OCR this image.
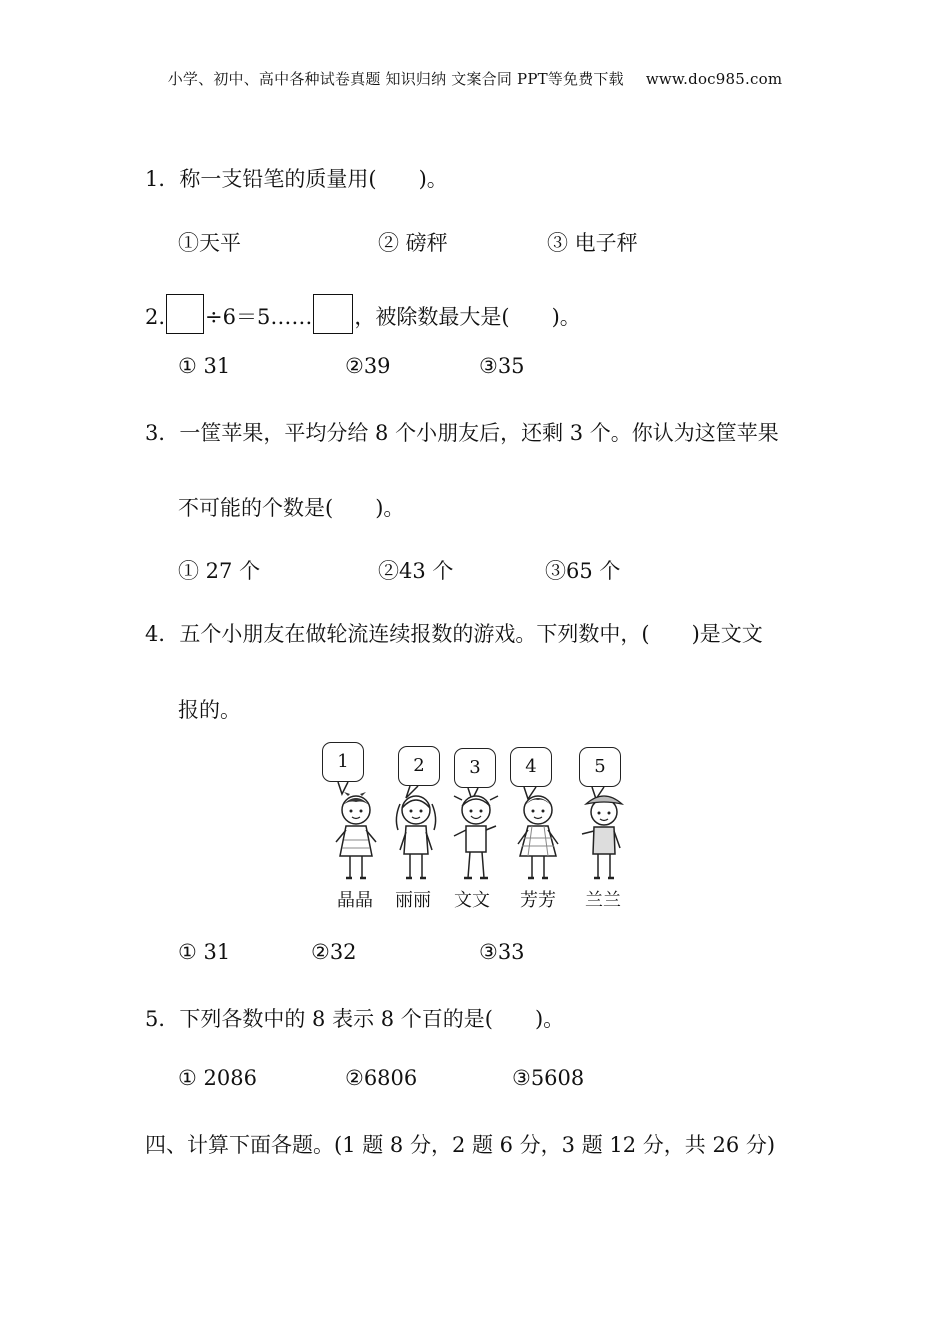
小学、初中、高中各种试卷真题 知识归纳 文案合同 PPT等免费下载 www.doc985.com
1．称一支铅笔的质量用(　　)。
①天平	② 磅秤	③ 电子秤
2. ÷6＝5…… ，被除数最大是(　　)。
① 31	②39	③35
3．一筐苹果，平均分给 8 个小朋友后，还剩 3 个。你认为这筐苹果
不可能的个数是(　　)。
① 27 个	②43 个	③65 个
4．五个小朋友在做轮流连续报数的游戏。下列数中，(　　)是文文
报的。
1	2	3	4	5
晶晶	丽丽	文文	芳芳	兰兰
① 31	②32	③33
5．下列各数中的 8 表示 8 个百的是(　　)。
① 2086	②6806	③5608
四、计算下面各题。(1 题 8 分，2 题 6 分，3 题 12 分，共 26 分)
